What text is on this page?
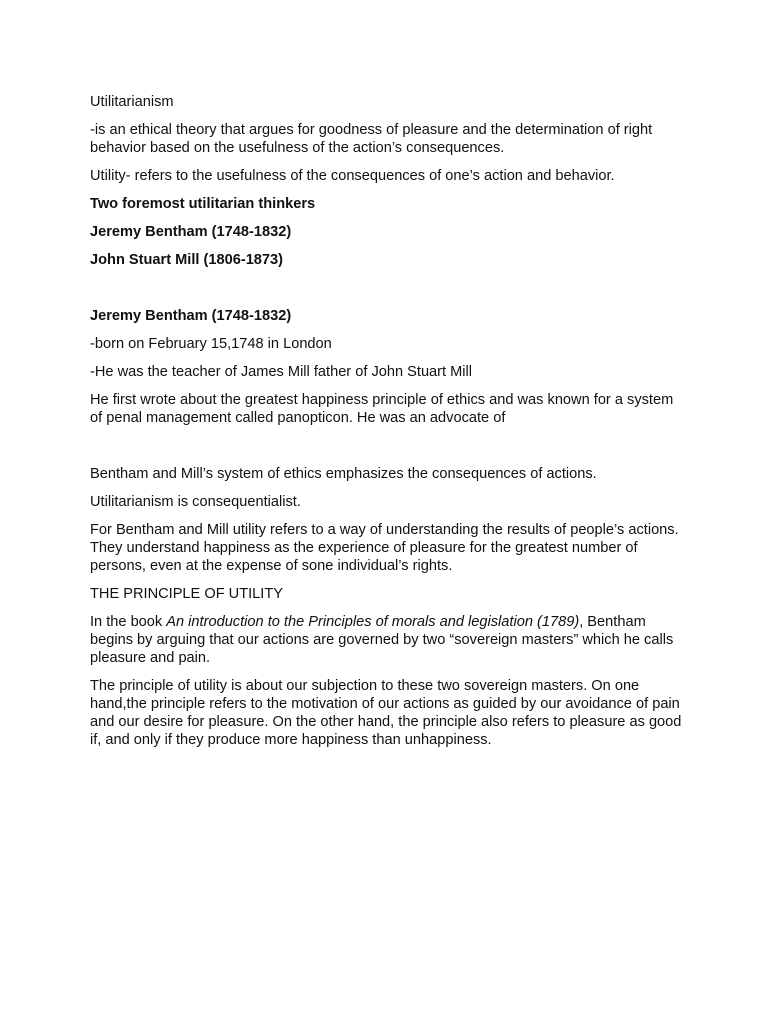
Utilitarianism

-is an ethical theory that argues for goodness of pleasure and the determination of right behavior based on the usefulness of the action’s consequences.

Utility- refers to the usefulness of the consequences of one’s action and behavior.

Two foremost utilitarian thinkers

Jeremy Bentham (1748-1832)

John Stuart Mill (1806-1873)

Jeremy Bentham (1748-1832)

-born on February 15,1748 in London

-He was the teacher of James Mill father of John Stuart Mill

He first wrote about the greatest happiness principle of ethics and was known for a system of penal management called panopticon. He was an advocate of

Bentham and Mill’s system of ethics emphasizes the consequences of actions.

Utilitarianism is consequentialist.

For Bentham and Mill utility refers to a way of understanding the results of people’s actions. They understand happiness as the experience of pleasure for the greatest number of persons, even at the expense of sone individual’s rights.

THE PRINCIPLE OF UTILITY

In the book An introduction to the Principles of morals and legislation (1789), Bentham begins by arguing that our actions are governed by two “sovereign masters” which he calls pleasure and pain.

The principle of utility is about our subjection to these two sovereign masters. On one hand,the principle refers to the motivation of our actions as guided by our avoidance of pain and our desire for pleasure. On the other hand, the principle also refers to pleasure as good if, and only if they produce more happiness than unhappiness.
